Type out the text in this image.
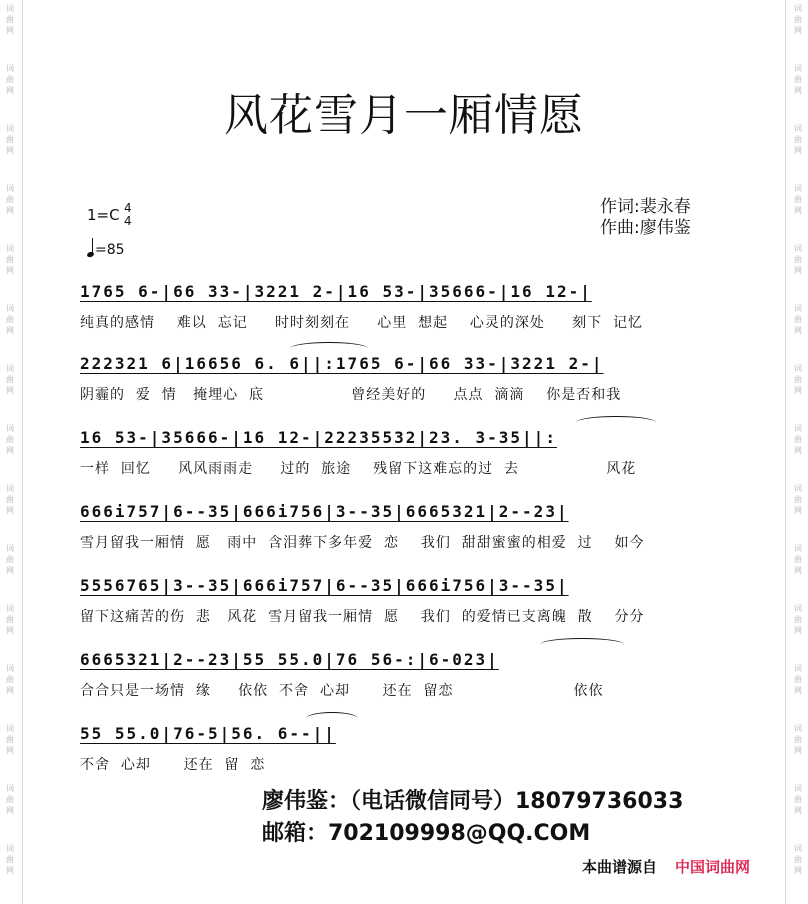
词
曲
网
词
曲
网
词
曲
网
词
曲
网
词
曲
网
词
曲
网
词
曲
网
词
曲
网
词
曲
网
词
曲
网
词
曲
网
词
曲
网
词
曲
网
词
曲
网
词
曲
网
词
曲
网
词
曲
网
词
曲
网
词
曲
网
词
曲
网
词
曲
网
词
曲
网
词
曲
网
词
曲
网
词
曲
网
词
曲
网
词
曲
网
词
曲
网
词
曲
网
词
曲
网
风花雪月一厢情愿
1=C 4
4
=85
作词:裴永春
作曲:廖伟鉴
1765 6-|66 33-|3221 2-|16 53-|35666-|16 12-|
纯真的感情    难以  忘记     时时刻刻在     心里  想起    心灵的深处     刻下  记忆
222321 6|16656 6. 6||:1765 6-|66 33-|3221 2-|
阴霾的  爱  情   掩埋心  底                曾经美好的     点点  滴滴    你是否和我
16 53-|35666-|16 12-|22235532|23. 3-35||:
一样  回忆     风风雨雨走     过的  旅途    残留下这难忘的过  去                风花
666i757|6--35|666i756|3--35|6665321|2--23|
雪月留我一厢情  愿   雨中  含泪葬下多年爱  恋    我们  甜甜蜜蜜的相爱  过    如今
5556765|3--35|666i757|6--35|666i756|3--35|
留下这痛苦的伤  悲   风花  雪月留我一厢情  愿    我们  的爱情已支离魄  散    分分
6665321|2--23|55 55.0|76 56-:|6-023|
合合只是一场情  缘     依依  不舍  心却      还在  留恋                      依依
55 55.0|76-5|56. 6--||
不舍  心却      还在  留  恋
廖伟鉴：（电话微信同号）18079736033
邮箱：702109998@QQ.COM
本曲谱源自 中国词曲网
